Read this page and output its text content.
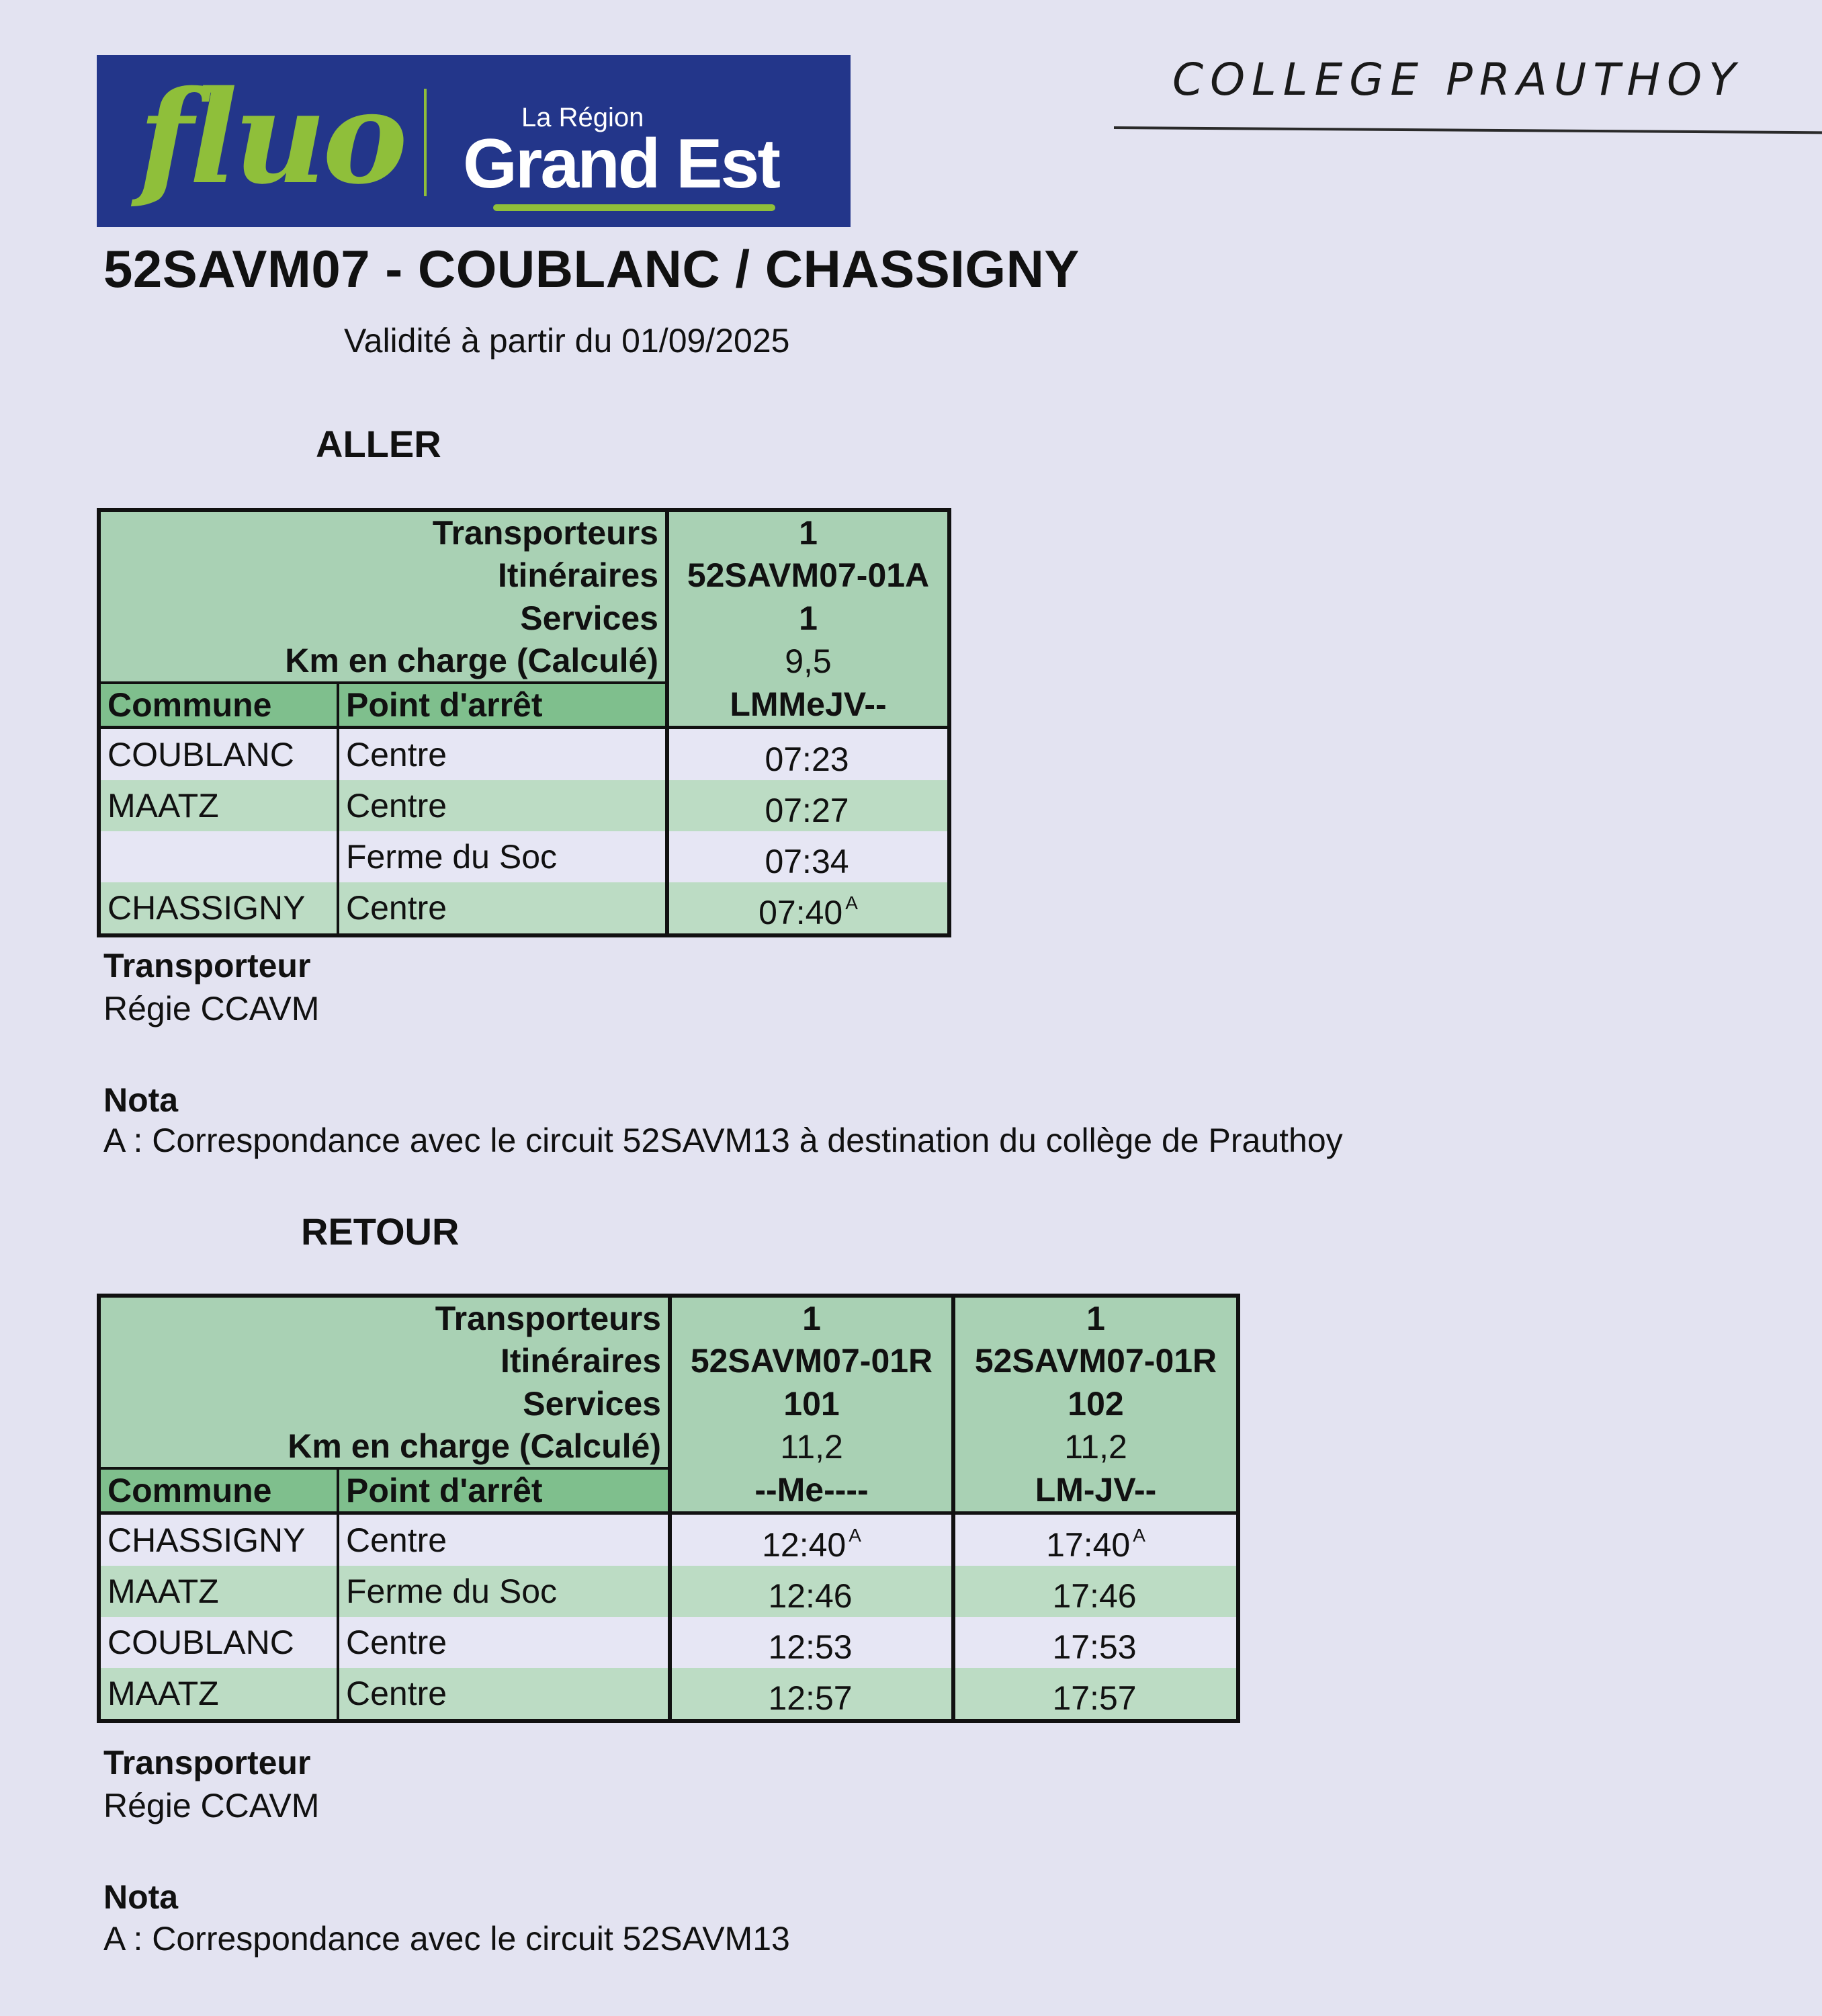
fluo	La Région
Grand Est
COLLEGE PRAUTHOY
52SAVM07 - COUBLANC / CHASSIGNY
Validité à partir du 01/09/2025
ALLER
Transporteurs		1
Itinéraires		52SAVM07-01A
Services		1
Km en charge (Calculé)		9,5
Commune	Point d'arrêt	LMMeJV--
COUBLANC	Centre	07:23
MAATZ	Centre	07:27
	Ferme du Soc	07:34
CHASSIGNY	Centre	07:40 $^A$
Transporteur
Régie CCAVM
Nota
A : Correspondance avec le circuit 52SAVM13 à destination du collège de Prauthoy
RETOUR
Transporteurs		1	1
Itinéraires		52SAVM07-01R	52SAVM07-01R
Services		101	102
Km en charge (Calculé)		11,2	11,2
Commune	Point d'arrêt	--Me----	LM-JV--
CHASSIGNY	Centre	12:40 $^A$	17:40 $^A$
MAATZ	Ferme du Soc	12:46	17:46
COUBLANC	Centre	12:53	17:53
MAATZ	Centre	12:57	17:57
Transporteur
Régie CCAVM
Nota
A : Correspondance avec le circuit 52SAVM13
